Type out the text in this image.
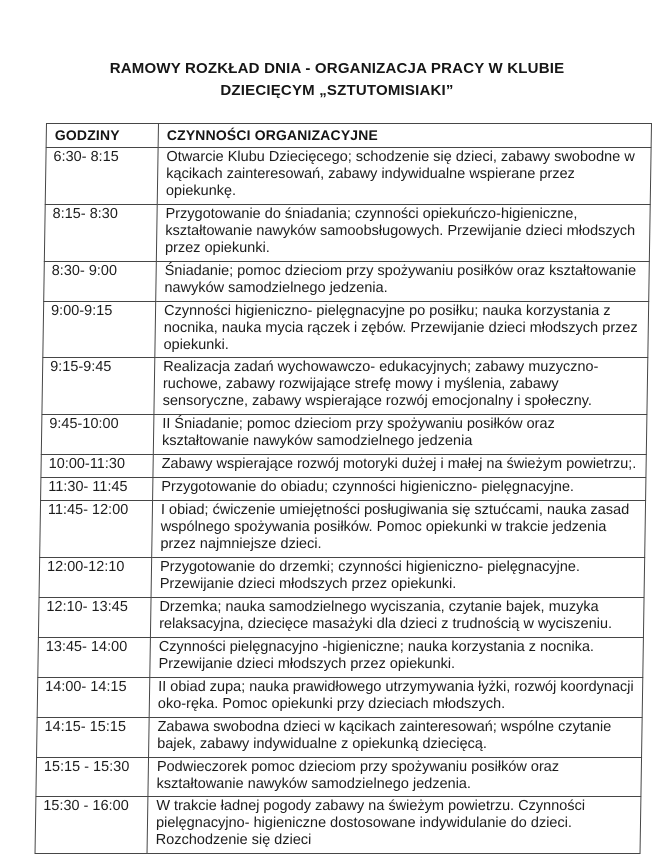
RAMOWY ROZKŁAD DNIA - ORGANIZACJA PRACY W KLUBIE
DZIECIĘCYM „SZTUTOMISIAKI”
GODZINY	CZYNNOŚCI ORGANIZACYJNE
6:30- 8:15	Otwarcie Klubu Dziecięcego; schodzenie się dzieci, zabawy swobodne w kącikach zainteresowań, zabawy indywidualne wspierane przez opiekunkę.
8:15- 8:30	Przygotowanie do śniadania; czynności opiekuńczo-higieniczne, kształtowanie nawyków samoobsługowych. Przewijanie dzieci młodszych przez opiekunki.
8:30- 9:00	Śniadanie; pomoc dzieciom przy spożywaniu posiłków oraz kształtowanie nawyków samodzielnego jedzenia.
9:00-9:15	Czynności higieniczno- pielęgnacyjne po posiłku; nauka korzystania z nocnika, nauka mycia rączek i zębów. Przewijanie dzieci młodszych przez opiekunki.
9:15-9:45	Realizacja zadań wychowawczo- edukacyjnych; zabawy muzyczno-ruchowe, zabawy rozwijające strefę mowy i myślenia, zabawy sensoryczne, zabawy wspierające rozwój emocjonalny i społeczny.
9:45-10:00	II Śniadanie; pomoc dzieciom przy spożywaniu posiłków oraz kształtowanie nawyków samodzielnego jedzenia
10:00-11:30	Zabawy wspierające rozwój motoryki dużej i małej na świeżym powietrzu;.
11:30- 11:45	Przygotowanie do obiadu; czynności higieniczno- pielęgnacyjne.
11:45- 12:00	I obiad; ćwiczenie umiejętności posługiwania się sztućcami, nauka zasad wspólnego spożywania posiłków. Pomoc opiekunki w trakcie jedzenia przez najmniejsze dzieci.
12:00-12:10	Przygotowanie do drzemki; czynności higieniczno- pielęgnacyjne. Przewijanie dzieci młodszych przez opiekunki.
12:10- 13:45	Drzemka; nauka samodzielnego wyciszania, czytanie bajek, muzyka relaksacyjna, dziecięce masażyki dla dzieci z trudnością w wyciszeniu.
13:45- 14:00	Czynności pielęgnacyjno -higieniczne; nauka korzystania z nocnika. Przewijanie dzieci młodszych przez opiekunki.
14:00- 14:15	II obiad zupa; nauka prawidłowego utrzymywania łyżki, rozwój koordynacji oko-ręka. Pomoc opiekunki przy dzieciach młodszych.
14:15- 15:15	Zabawa swobodna dzieci w kącikach zainteresowań; wspólne czytanie bajek, zabawy indywidualne z opiekunką dziecięcą.
15:15 - 15:30	Podwieczorek pomoc dzieciom przy spożywaniu posiłków oraz kształtowanie nawyków samodzielnego jedzenia.
15:30 - 16:00	W trakcie ładnej pogody zabawy na świeżym powietrzu. Czynności pielęgnacyjno- higieniczne dostosowane indywidulanie do dzieci. Rozchodzenie się dzieci
